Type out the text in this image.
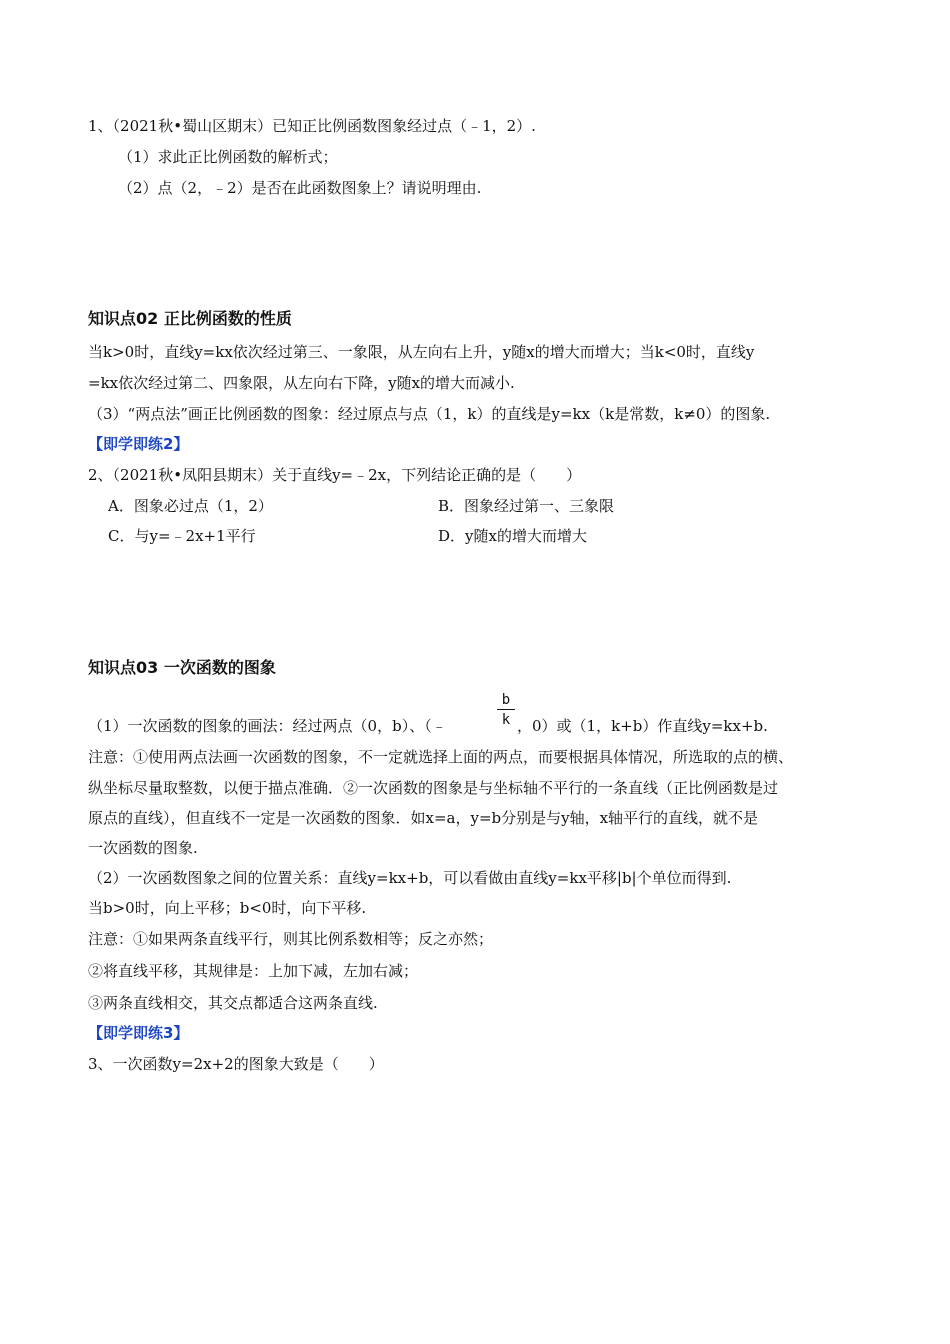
1、（2021秋•蜀山区期末）已知正比例函数图象经过点（﹣1，2）.
（1）求此正比例函数的解析式；
（2）点（2，﹣2）是否在此函数图象上？请说明理由.
知识点02 正比例函数的性质
当k>0时，直线y=kx依次经过第三、一象限，从左向右上升，y随x的增大而增大；当k<0时，直线y
=kx依次经过第二、四象限，从左向右下降，y随x的增大而减小.
（3）“两点法”画正比例函数的图象：经过原点与点（1，k）的直线是y=kx（k是常数，k≠0）的图象.
【即学即练2】
2、（2021秋•凤阳县期末）关于直线y=﹣2x，下列结论正确的是（　　）
A．图象必过点（1，2）	B．图象经过第一、三象限
C．与y=﹣2x+1平行	D．y随x的增大而增大
知识点03 一次函数的图象
b
k
（1）一次函数的图象的画法：经过两点（0，b）、（﹣	，0）或（1，k+b）作直线y=kx+b.
注意：①使用两点法画一次函数的图象，不一定就选择上面的两点，而要根据具体情况，所选取的点的横、
纵坐标尽量取整数，以便于描点准确．②一次函数的图象是与坐标轴不平行的一条直线（正比例函数是过
原点的直线），但直线不一定是一次函数的图象．如x=a，y=b分别是与y轴，x轴平行的直线，就不是
一次函数的图象.
（2）一次函数图象之间的位置关系：直线y=kx+b，可以看做由直线y=kx平移|b|个单位而得到.
当b>0时，向上平移；b<0时，向下平移.
注意：①如果两条直线平行，则其比例系数相等；反之亦然；
②将直线平移，其规律是：上加下减，左加右减；
③两条直线相交，其交点都适合这两条直线.
【即学即练3】
3、一次函数y=2x+2的图象大致是（　　）
